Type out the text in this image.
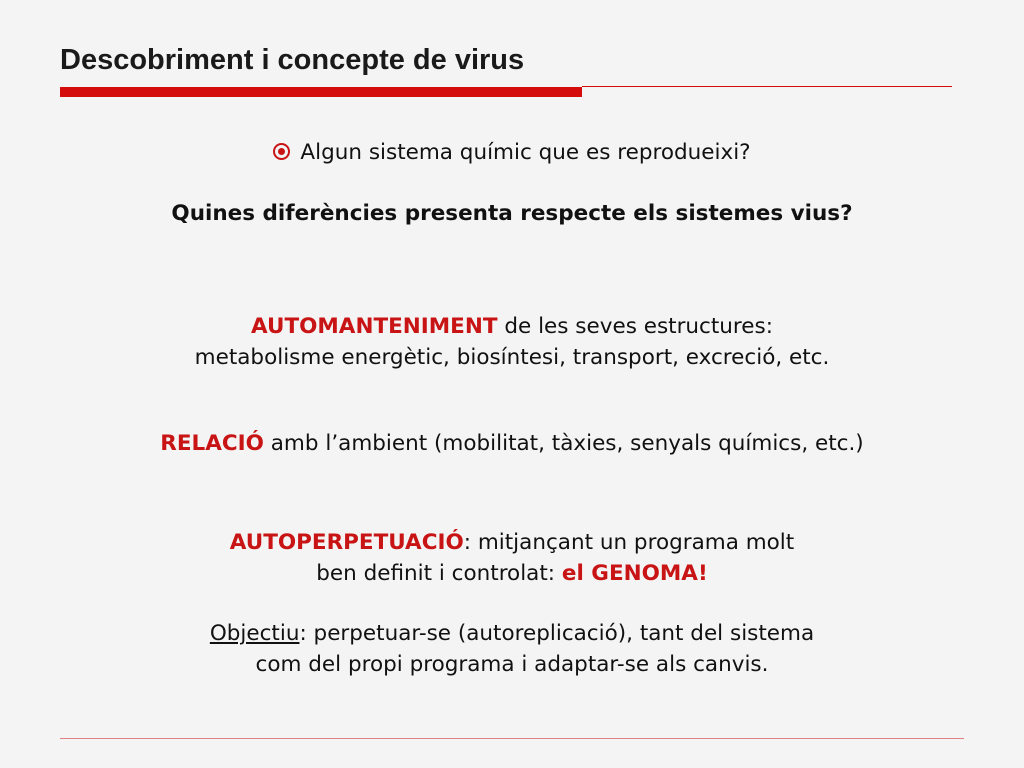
Descobriment i concepte de virus
Algun sistema químic que es reprodueixi?
Quines diferències presenta respecte els sistemes vius?
AUTOMANTENIMENT de les seves estructures:
metabolisme energètic, biosíntesi, transport, excreció, etc.
RELACIÓ amb l’ambient (mobilitat, tàxies, senyals químics, etc.)
AUTOPERPETUACIÓ: mitjançant un programa molt
ben definit i controlat: el GENOMA!
Objectiu: perpetuar-se (autoreplicació), tant del sistema
com del propi programa i adaptar-se als canvis.
